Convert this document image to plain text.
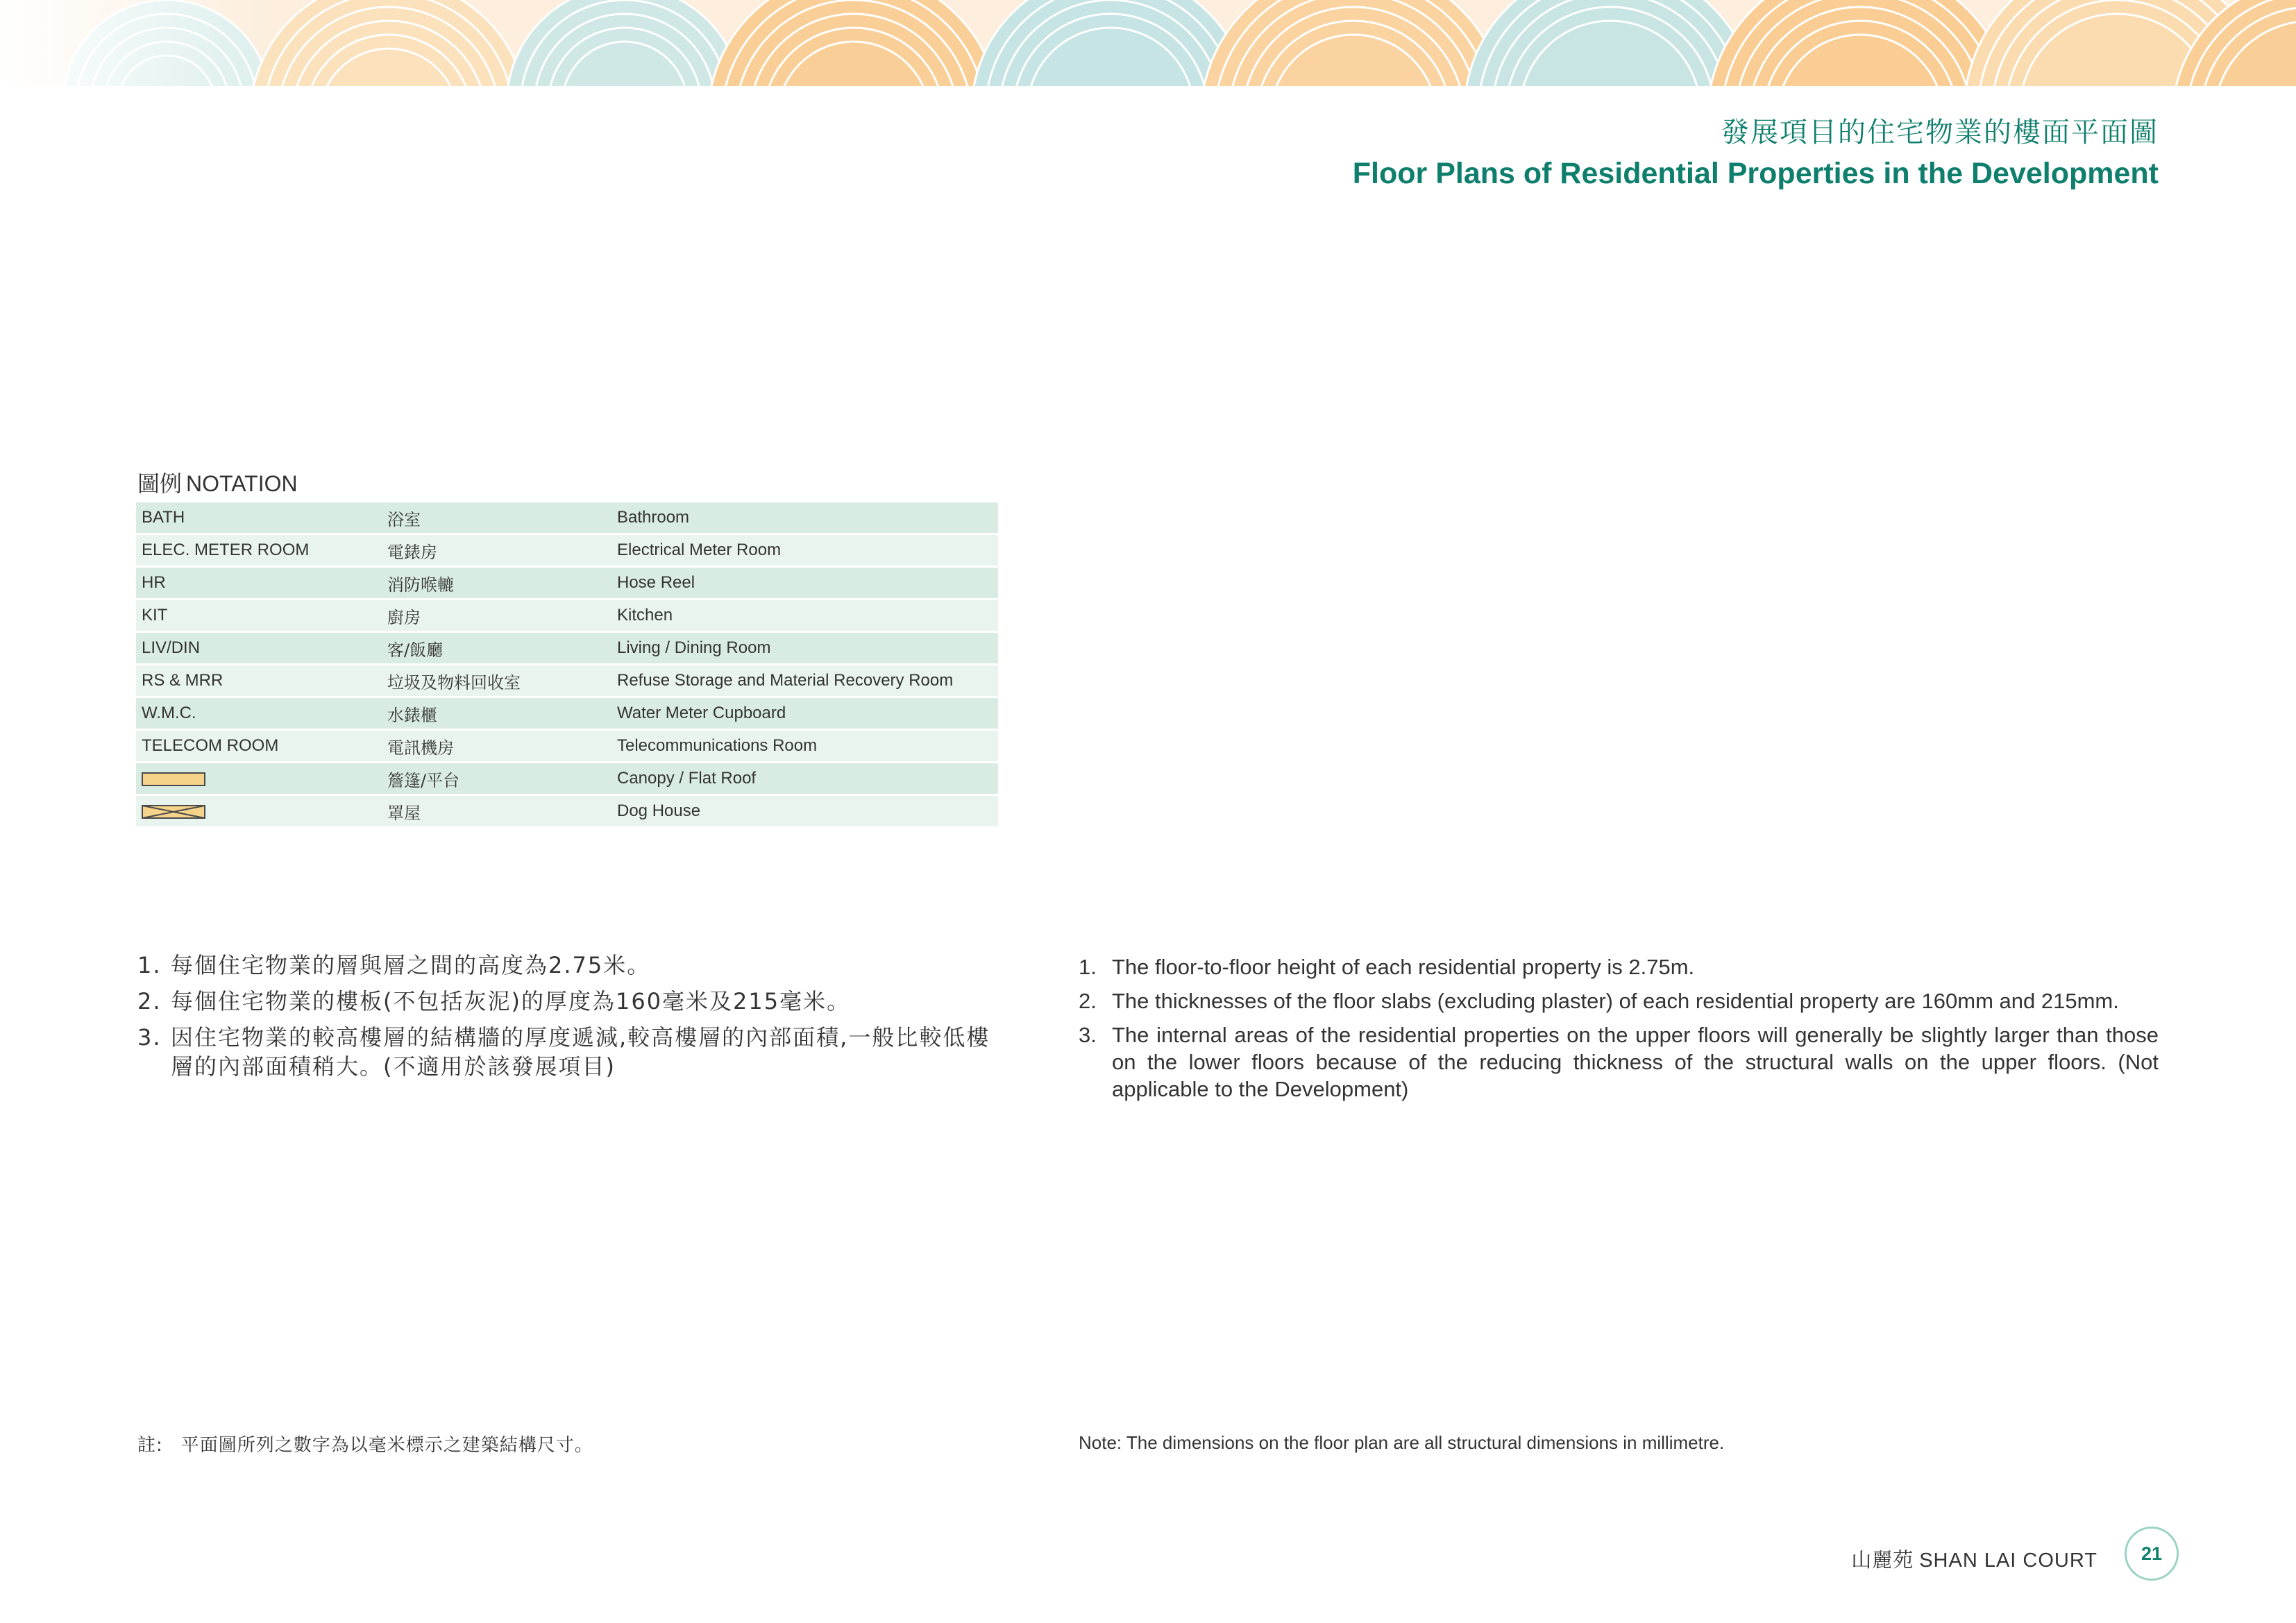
發展項目的住宅物業的樓面平面圖
Floor Plans of Residential Properties in the Development
圖例 NOTATION
BATH	浴室	Bathroom
ELEC. METER ROOM	電錶房	Electrical Meter Room
HR	消防喉轆	Hose Reel
KIT	廚房	Kitchen
LIV/DIN	客/飯廳	Living / Dining Room
RS & MRR	垃圾及物料回收室	Refuse Storage and Material Recovery Room
W.M.C.	水錶櫃	Water Meter Cupboard
TELECOM ROOM	電訊機房	Telecommunications Room
	簷篷/平台	Canopy / Flat Roof
	罩屋	Dog House
1. 每個住宅物業的層與層之間的高度為2.75米。
2. 每個住宅物業的樓板(不包括灰泥)的厚度為160毫米及215毫米。
3. 因住宅物業的較高樓層的結構牆的厚度遞減,較高樓層的內部面積,一般比較低樓層的內部面積稍大。(不適用於該發展項目)
1. The floor-to-floor height of each residential property is 2.75m.
2. The thicknesses of the floor slabs (excluding plaster) of each residential property are 160mm and 215mm.
3. The internal areas of the residential properties on the upper floors will generally be slightly larger than those on the lower floors because of the reducing thickness of the structural walls on the upper floors. (Not applicable to the Development)
註: 平面圖所列之數字為以毫米標示之建築結構尺寸。	Note: The dimensions on the floor plan are all structural dimensions in millimetre.
山麗苑 SHAN LAI COURT	21
